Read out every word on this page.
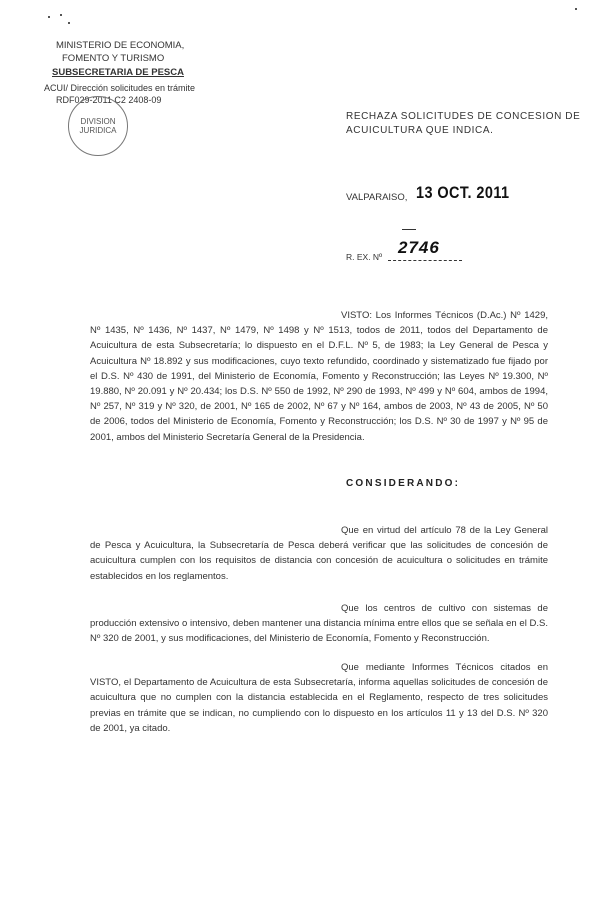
MINISTERIO DE ECONOMIA,
FOMENTO Y TURISMO
SUBSECRETARIA DE PESCA
ACUI/ Dirección solicitudes en trámite
RDF029-2011 C2 2408-09
DIVISION
JURIDICA
RECHAZA SOLICITUDES DE CONCESION DE
ACUICULTURA QUE INDICA.
VALPARAISO, 13 OCT. 2011
R. EX. Nº 2746

VISTO: Los Informes Técnicos (D.Ac.) Nº 1429, Nº 1435, Nº 1436, Nº 1437, Nº 1479, Nº 1498 y Nº 1513, todos de 2011, todos del Departamento de Acuicultura de esta Subsecretaría; lo dispuesto en el D.F.L. Nº 5, de 1983; la Ley General de Pesca y Acuicultura Nº 18.892 y sus modificaciones, cuyo texto refundido, coordinado y sistematizado fue fijado por el D.S. Nº 430 de 1991, del Ministerio de Economía, Fomento y Reconstrucción; las Leyes Nº 19.300, Nº 19.880, Nº 20.091 y Nº 20.434; los D.S. Nº 550 de 1992, Nº 290 de 1993, Nº 499 y Nº 604, ambos de 1994, Nº 257, Nº 319 y Nº 320, de 2001, Nº 165 de 2002, Nº 67 y Nº 164, ambos de 2003, Nº 43 de 2005, Nº 50 de 2006, todos del Ministerio de Economía, Fomento y Reconstrucción; los D.S. Nº 30 de 1997 y Nº 95 de 2001, ambos del Ministerio Secretaría General de la Presidencia.

CONSIDERANDO:

Que en virtud del artículo 78 de la Ley General de Pesca y Acuicultura, la Subsecretaría de Pesca deberá verificar que las solicitudes de concesión de acuicultura cumplen con los requisitos de distancia con concesión de acuicultura o solicitudes en trámite establecidos en los reglamentos.

Que los centros de cultivo con sistemas de producción extensivo o intensivo, deben mantener una distancia mínima entre ellos que se señala en el D.S. Nº 320 de 2001, y sus modificaciones, del Ministerio de Economía, Fomento y Reconstrucción.

Que mediante Informes Técnicos citados en VISTO, el Departamento de Acuicultura de esta Subsecretaría, informa aquellas solicitudes de concesión de acuicultura que no cumplen con la distancia establecida en el Reglamento, respecto de tres solicitudes previas en trámite que se indican, no cumpliendo con lo dispuesto en los artículos 11 y 13 del D.S. Nº 320 de 2001, ya citado.
